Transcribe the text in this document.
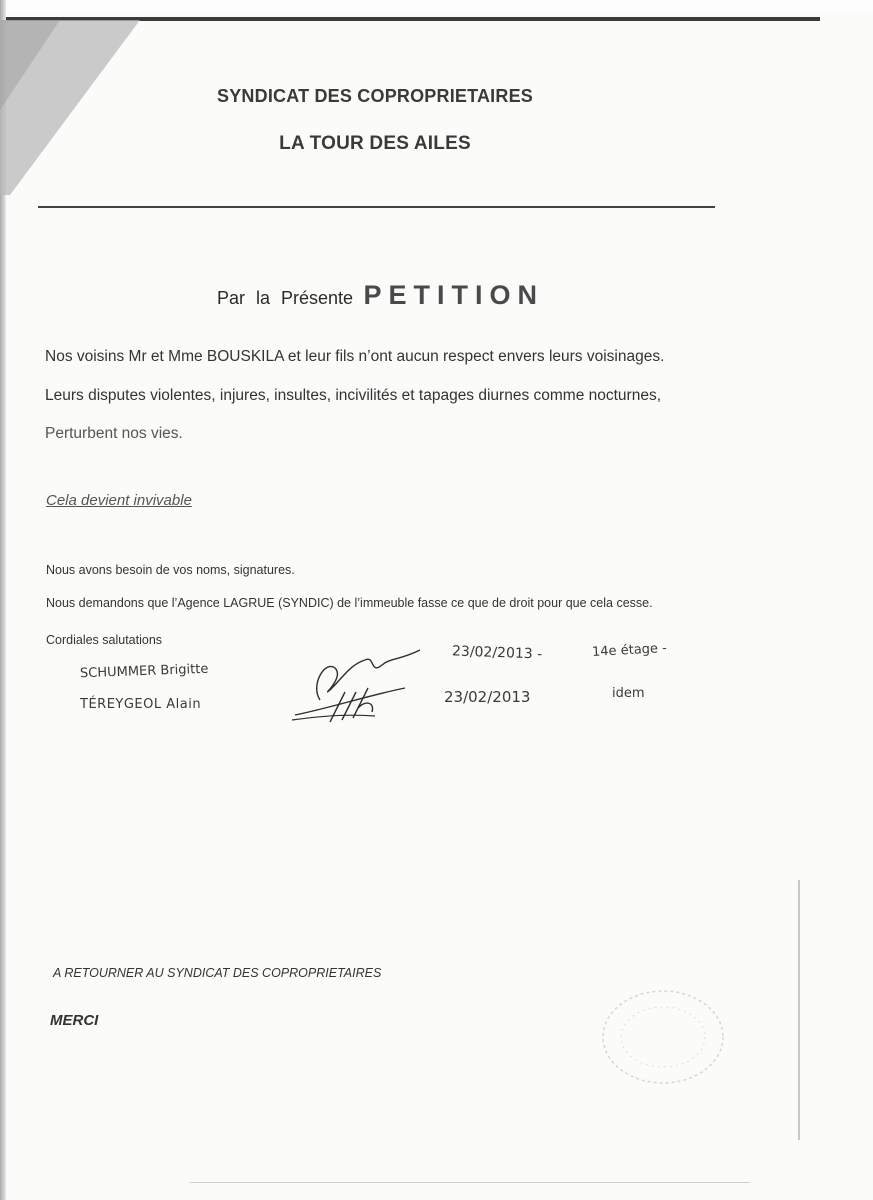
SYNDICAT DES COPROPRIETAIRES
LA TOUR DES AILES
Par la Présente PETITION
Nos voisins Mr et Mme BOUSKILA et leur fils n’ont aucun respect envers leurs voisinages.
Leurs disputes violentes, injures, insultes, incivilités et tapages diurnes comme nocturnes,
Perturbent nos vies.
Cela devient invivable
Nous avons besoin de vos noms, signatures.
Nous demandons que l’Agence LAGRUE (SYNDIC) de l’immeuble fasse ce que de droit pour que cela cesse.
Cordiales salutations
SCHUMMER Brigitte
TÉREYGEOL Alain
23/02/2013 -
23/02/2013
14e étage -
idem
A RETOURNER AU SYNDICAT DES COPROPRIETAIRES
MERCI
